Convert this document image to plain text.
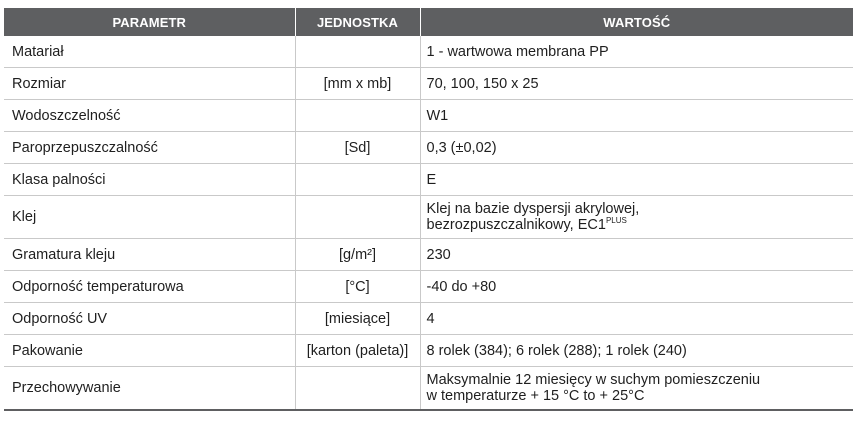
PARAMETR	JEDNOSTKA	WARTOŚĆ
Matariał		1 - wartwowa membrana PP
Rozmiar	[mm x mb]	70, 100, 150 x 25
Wodoszczelność		W1
Paroprzepuszczalność	[Sd]	0,3 (±0,02)
Klasa palności		E
Klej		Klej na bazie dyspersji akrylowej,
bezrozpuszczalnikowy, $EC1^{PLUS}$

Gramatura kleju	[g/m²]	230
Odporność temperaturowa	[°C]	-40 do +80
Odporność UV	[miesiące]	4
Pakowanie	[karton (paleta)]	8 rolek (384); 6 rolek (288); 1 rolek (240)
Przechowywanie		Maksymalnie 12 miesięcy w suchym pomieszczeniu
w temperaturze + 15 °C to + 25°C
